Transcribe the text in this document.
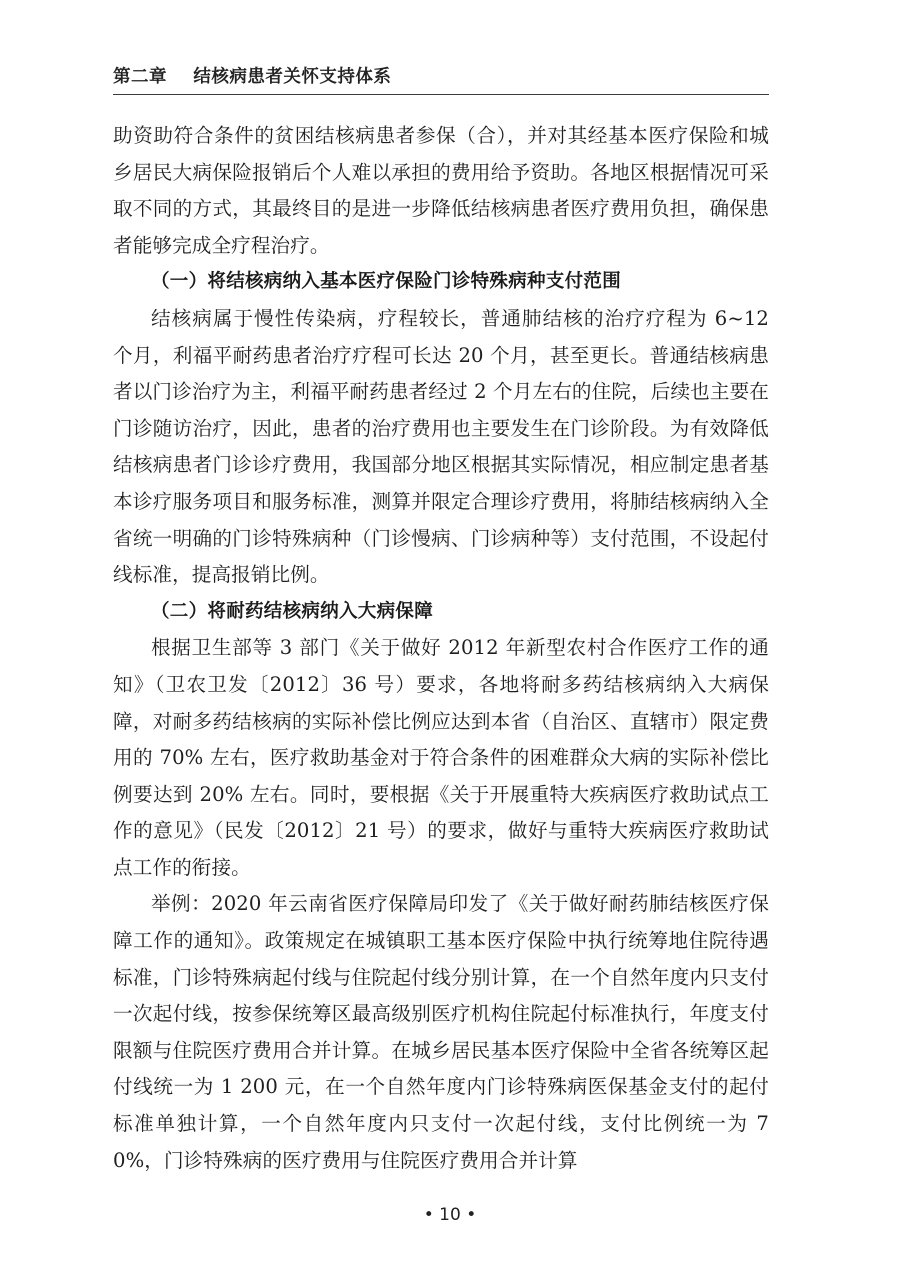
第二章    结核病患者关怀支持体系

助资助符合条件的贫困结核病患者参保（合），并对其经基本医疗保险和城乡居民大病保险报销后个人难以承担的费用给予资助。各地区根据情况可采取不同的方式，其最终目的是进一步降低结核病患者医疗费用负担，确保患者能够完成全疗程治疗。

（一）将结核病纳入基本医疗保险门诊特殊病种支付范围

结核病属于慢性传染病，疗程较长，普通肺结核的治疗疗程为 6~12 个月，利福平耐药患者治疗疗程可长达 20 个月，甚至更长。普通结核病患者以门诊治疗为主，利福平耐药患者经过 2 个月左右的住院，后续也主要在门诊随访治疗，因此，患者的治疗费用也主要发生在门诊阶段。为有效降低结核病患者门诊诊疗费用，我国部分地区根据其实际情况，相应制定患者基本诊疗服务项目和服务标准，测算并限定合理诊疗费用，将肺结核病纳入全省统一明确的门诊特殊病种（门诊慢病、门诊病种等）支付范围，不设起付线标准，提高报销比例。

（二）将耐药结核病纳入大病保障

根据卫生部等 3 部门《关于做好 2012 年新型农村合作医疗工作的通知》（卫农卫发〔2012〕36 号）要求，各地将耐多药结核病纳入大病保障，对耐多药结核病的实际补偿比例应达到本省（自治区、直辖市）限定费用的 70% 左右，医疗救助基金对于符合条件的困难群众大病的实际补偿比例要达到 20% 左右。同时，要根据《关于开展重特大疾病医疗救助试点工作的意见》（民发〔2012〕21 号）的要求，做好与重特大疾病医疗救助试点工作的衔接。

举例：2020 年云南省医疗保障局印发了《关于做好耐药肺结核医疗保障工作的通知》。政策规定在城镇职工基本医疗保险中执行统筹地住院待遇标准，门诊特殊病起付线与住院起付线分别计算，在一个自然年度内只支付一次起付线，按参保统筹区最高级别医疗机构住院起付标准执行，年度支付限额与住院医疗费用合并计算。在城乡居民基本医疗保险中全省各统筹区起付线统一为 1 200 元，在一个自然年度内门诊特殊病医保基金支付的起付标准单独计算，一个自然年度内只支付一次起付线，支付比例统一为 70%，门诊特殊病的医疗费用与住院医疗费用合并计算

• 10 •
